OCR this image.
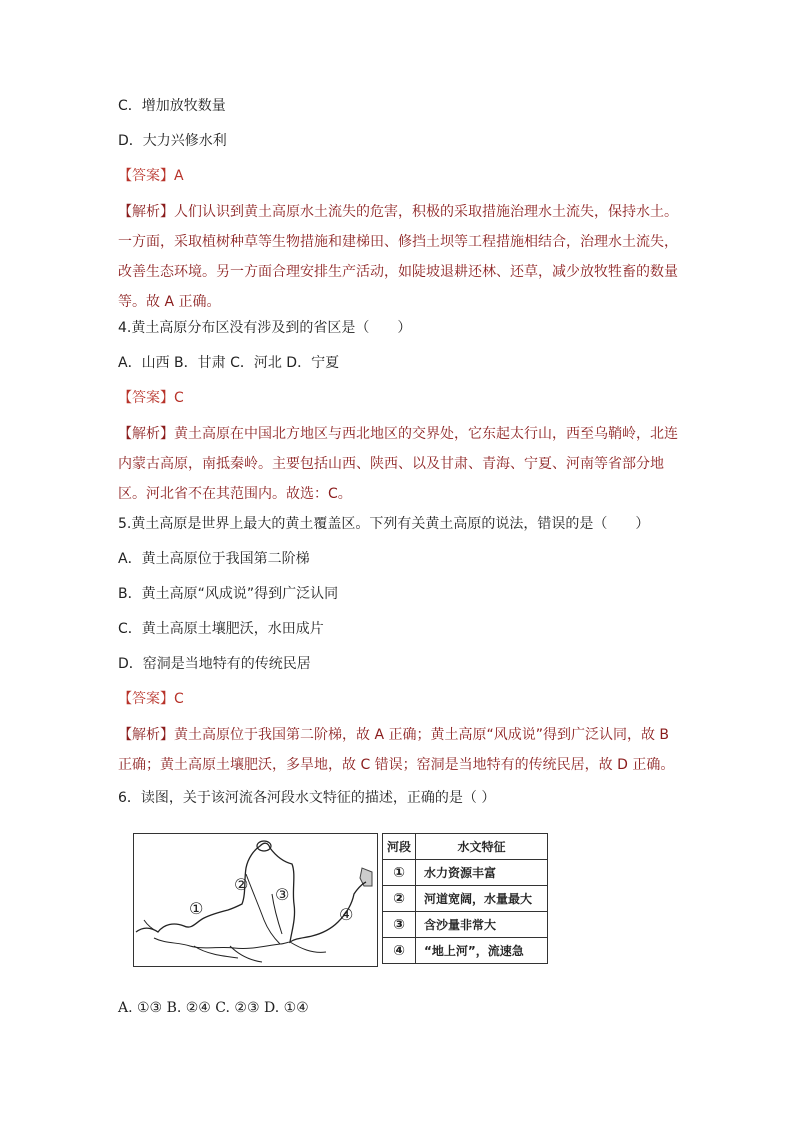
C．增加放牧数量
D．大力兴修水利
【答案】A
【解析】人们认识到黄土高原水土流失的危害，积极的采取措施治理水土流失，保持水土。一方面，采取植树种草等生物措施和建梯田、修挡土坝等工程措施相结合，治理水土流失，改善生态环境。另一方面合理安排生产活动，如陡坡退耕还林、还草，减少放牧牲畜的数量等。故 A 正确。
4.黄土高原分布区没有涉及到的省区是（　　）
A．山西 B．甘肃 C．河北 D．宁夏
【答案】C
【解析】黄土高原在中国北方地区与西北地区的交界处，它东起太行山，西至乌鞘岭，北连内蒙古高原，南抵秦岭。主要包括山西、陕西、以及甘肃、青海、宁夏、河南等省部分地区。河北省不在其范围内。故选：C。
5.黄土高原是世界上最大的黄土覆盖区。下列有关黄土高原的说法，错误的是（　　）
A．黄土高原位于我国第二阶梯
B．黄土高原“风成说”得到广泛认同
C．黄土高原土壤肥沃，水田成片
D．窑洞是当地特有的传统民居
【答案】C
【解析】黄土高原位于我国第二阶梯，故 A 正确；黄土高原“风成说”得到广泛认同，故 B 正确；黄土高原土壤肥沃，多旱地，故 C 错误；窑洞是当地特有的传统民居，故 D 正确。
6．读图，关于该河流各河段水文特征的描述，正确的是（ ）
①
②
③
④
河段	水文特征
①	水力资源丰富
②	河道宽阔，水量最大
③	含沙量非常大
④	“地上河”，流速急
A. ①③ B. ②④ C. ②③ D. ①④
